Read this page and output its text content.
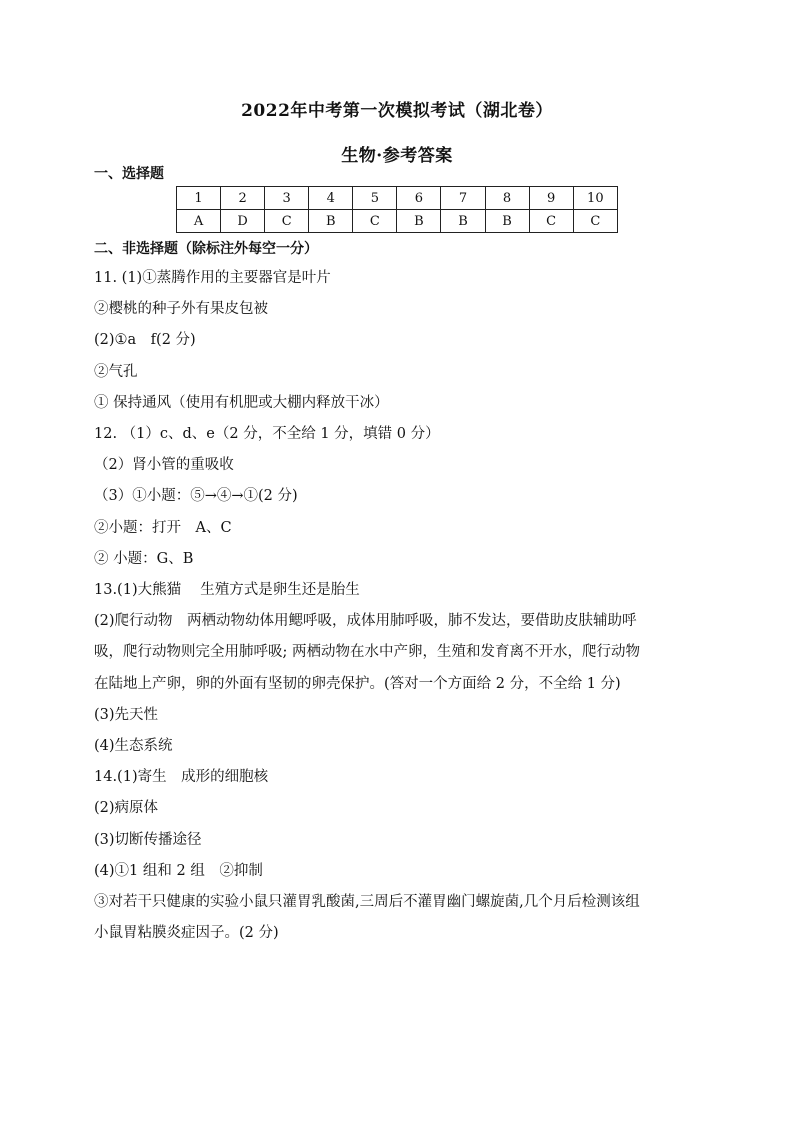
2022年中考第一次模拟考试（湖北卷）
生物·参考答案
一、选择题
1	2	3	4	5	6	7	8	9	10
A	D	C	B	C	B	B	B	C	C
二、非选择题（除标注外每空一分）

11. (1)①蒸腾作用的主要器官是叶片

②樱桃的种子外有果皮包被

(2)①a　f(2 分)

②气孔

① 保持通风（使用有机肥或大棚内释放干冰）

12. （1）c、d、e（2 分，不全给 1 分，填错 0 分）

（2）肾小管的重吸收

（3）①小题：⑤→④→①(2 分)

②小题：打开　A、C

② 小题：G、B

13.(1)大熊猫　 生殖方式是卵生还是胎生

(2)爬行动物　两栖动物幼体用鳃呼吸，成体用肺呼吸，肺不发达，要借助皮肤辅助呼

吸，爬行动物则完全用肺呼吸; 两栖动物在水中产卵，生殖和发育离不开水，爬行动物

在陆地上产卵，卵的外面有坚韧的卵壳保护。(答对一个方面给 2 分，不全给 1 分)

(3)先天性

(4)生态系统

14.(1)寄生　成形的细胞核

(2)病原体

(3)切断传播途径

(4)①1 组和 2 组　②抑制

③对若干只健康的实验小鼠只灌胃乳酸菌,三周后不灌胃幽门螺旋菌,几个月后检测该组

小鼠胃粘膜炎症因子。(2 分)
